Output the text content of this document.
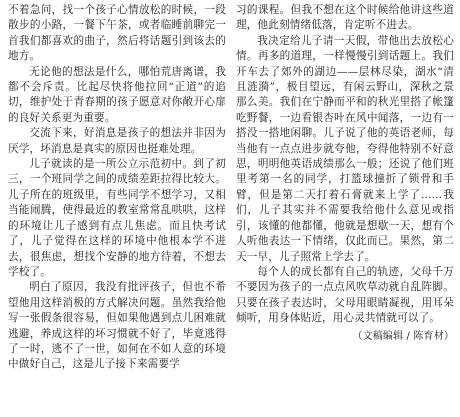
不着急问，找一个孩子心情放松的时候，一段散步的小路，一餐下午茶，或者临睡前聊完一首我们都喜欢的曲子，然后将话题引到该去的地方。

无论他的想法是什么，哪怕荒唐离谱，我都不会斥责。比起尽快将他拉回“正道”的追切，维护处于青春期的孩子愿意对你敞开心扉的良好关系更为重要。

交流下来，好消息是孩子的想法并非因为厌学，坏消息是真实的原因也挺难处理。

儿子就读的是一所公立示范初中。到了初三，一个班同学之间的成绩差距拉得比较大。儿子所在的班级里，有些同学不想学习，又相当能闹腾，使得最近的教室常常乱哄哄，这样的环境让儿子感到有点儿焦虑。而且快考试了，儿子觉得在这样的环境中他根本学不进去，很焦虑，想找个安静的地方待着，不想去学校了。

明白了原因，我没有批评孩子，但也不希望他用这样消极的方式解决问题。虽然我给他写一张假条很容易，但如果他遇到点儿困难就逃避，养成这样的坏习惯就不好了，毕竟逃得了一时，逃不了一世，如何在不如人意的环境中做好自己，这是儿子接下来需要学

习的课程。但我不想在这个时候给他讲这些道理，他此刻情绪低落，肯定听不进去。

我决定给儿子请一天假，带他出去放松心情。再多的道理，一样慢慢引到话题上。我们开车去了郊外的湖边——层林尽染，湖水“清且涟漪”，极目望远，有闲云野山，深秋之景那么美。我们在宁静而平和的秋光里搭了帐篷吃野餐，一边看银杏叶在风中闻落，一边有一搭没一搭地闲聊。儿子说了他的英语老师，每当他有一点点进步就夸他，夸得他特别不好意思，明明他英语成绩那么一般；还说了他们班里考第一名的同学，打篮球撞折了锁骨和手臂，但是第二天打着石膏就来上学了……我们，儿子其实并不需要我给他什么意见或指引，该懂的他都懂，他就是想歇一天，想有个人听他表达一下情绪，仅此而已。果然，第二天一早，儿子照常上学去了。

每个人的成长都有自己的轨迹，父母千万不要因为孩子的一点点风吹草动就自乱阵脚。只要在孩子表达时，父母用眼睛凝视，用耳朵倾听，用身体贴近，用心灵共情就可以了。

（文稿编辑 / 陈育材）
